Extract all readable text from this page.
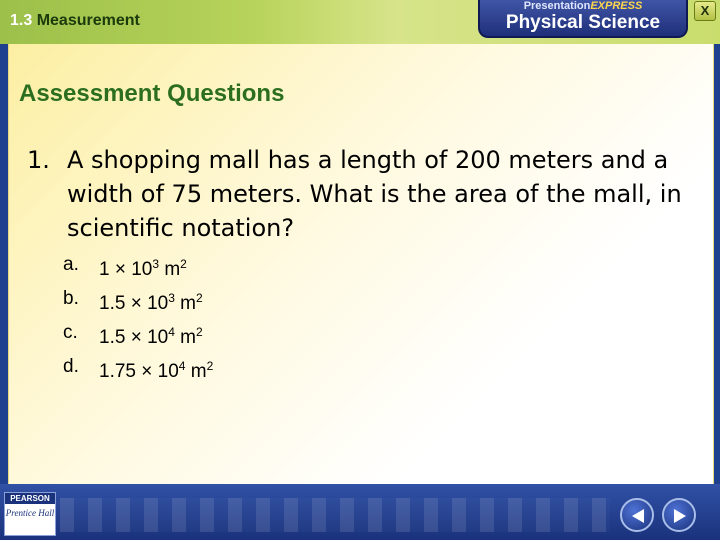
1.3 Measurement
PresentationEXPRESS
Physical Science
X
Assessment Questions
1. A shopping mall has a length of 200 meters and a width of 75 meters. What is the area of the mall, in scientific notation?
a.	$1 \times 10^3$ $m^2$
b.	$1.5 \times 10^3$ $m^2$
c.	$1.5 \times 10^4$ $m^2$
d.	$1.75 \times 10^4$ $m^2$
PEARSON
Prentice Hall
